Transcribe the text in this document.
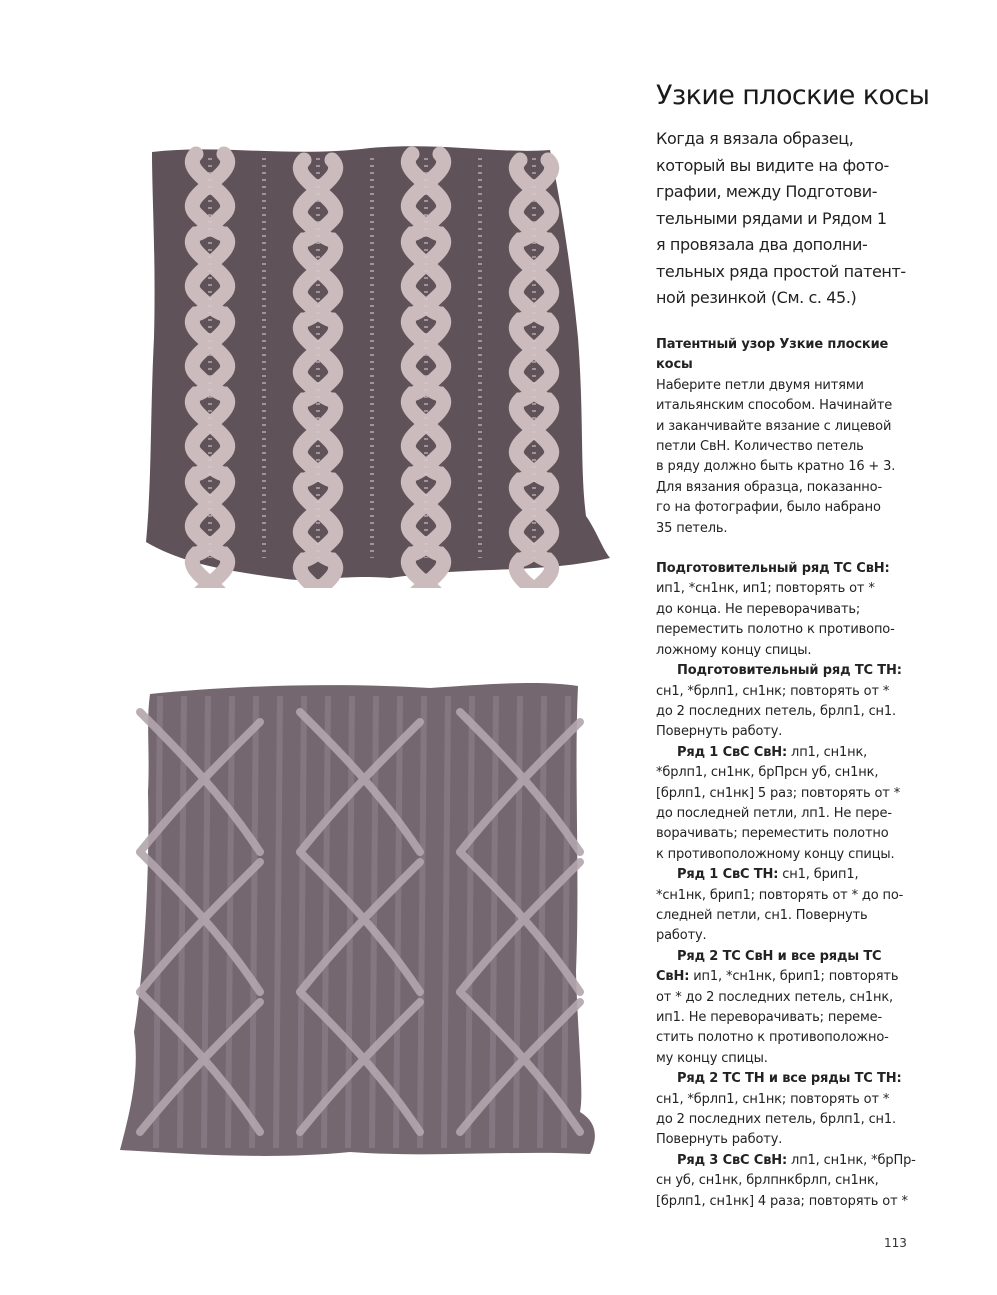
Узкие плоские косы
Когда я вязала образец,
который вы видите на фото-
графии, между Подготови-
тельными рядами и Рядом 1
я провязала два дополни-
тельных ряда простой патент-
ной резинкой (См. с. 45.)
Патентный узор Узкие плоские
косы
Наберите петли двумя нитями
итальянским способом. Начинайте
и заканчивайте вязание с лицевой
петли СвН. Количество петель
в ряду должно быть кратно 16 + 3.
Для вязания образца, показанно-
го на фотографии, было набрано
35 петель.
Подготовительный ряд ТС СвН:
ип1, *сн1нк, ип1; повторять от *
до конца. Не переворачивать;
переместить полотно к противопо-
ложному концу спицы.
Подготовительный ряд ТС ТН:
сн1, *брлп1, сн1нк; повторять от *
до 2 последних петель, брлп1, сн1.
Повернуть работу.
Ряд 1 СвС СвН: лп1, сн1нк,
*брлп1, сн1нк, брПрсн уб, сн1нк,
[брлп1, сн1нк] 5 раз; повторять от *
до последней петли, лп1. Не пере-
ворачивать; переместить полотно
к противоположному концу спицы.
Ряд 1 СвС ТН: сн1, брип1,
*сн1нк, брип1; повторять от * до по-
следней петли, сн1. Повернуть
работу.
Ряд 2 ТС СвН и все ряды ТС
СвН: ип1, *сн1нк, брип1; повторять
от * до 2 последних петель, сн1нк,
ип1. Не переворачивать; переме-
стить полотно к противоположно-
му концу спицы.
Ряд 2 ТС ТН и все ряды ТС ТН:
сн1, *брлп1, сн1нк; повторять от *
до 2 последних петель, брлп1, сн1.
Повернуть работу.
Ряд 3 СвС СвН: лп1, сн1нк, *брПр-
сн уб, сн1нк, брлпнкбрлп, сн1нк,
[брлп1, сн1нк] 4 раза; повторять от *
113
